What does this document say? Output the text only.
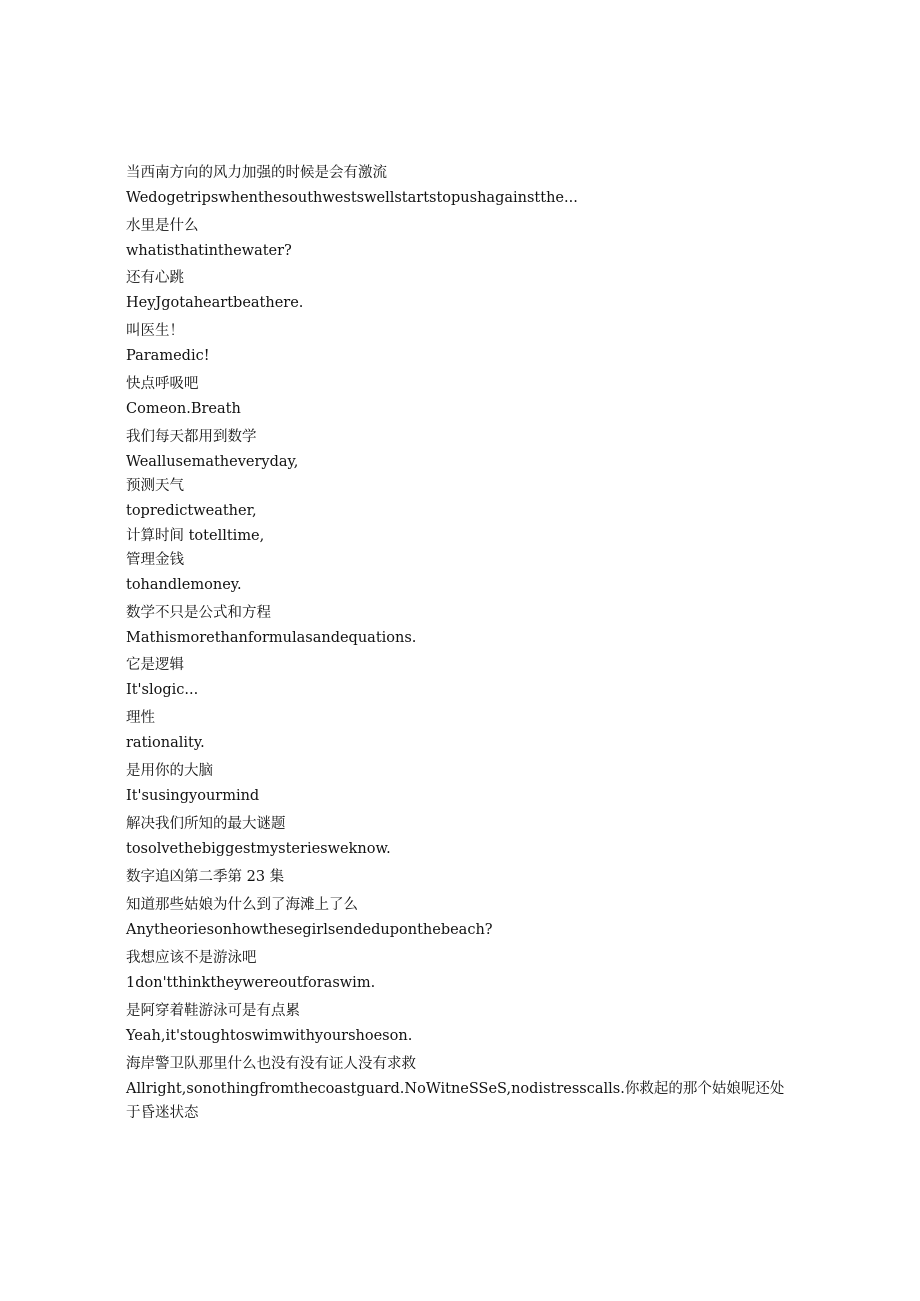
当西南方向的风力加强的时候是会有激流
Wedogetripswhenthesouthwestswellstartstopushagainstthe...
水里是什么
whatisthatinthewater?
还有心跳
HeyJgotaheartbeathere.
叫医生！
Paramedic!
快点呼吸吧
Comeon.Breath
我们每天都用到数学
Weallusematheveryday,
预测天气
topredictweather,
计算时间 totelltime,
管理金钱
tohandlemoney.
数学不只是公式和方程
Mathismorethanformulasandequations.
它是逻辑
It'slogic...
理性
rationality.
是用你的大脑
It'susingyourmind
解决我们所知的最大谜题
tosolvethebiggestmysteriesweknow.
数字追凶第二季第 23 集
知道那些姑娘为什么到了海滩上了么
Anytheoriesonhowthesegirlsendeduponthebeach?
我想应该不是游泳吧
1don'tthinktheywereoutforaswim.
是阿穿着鞋游泳可是有点累
Yeah,it'stoughtoswimwithyourshoeson.
海岸警卫队那里什么也没有没有证人没有求救
Allright,sonothingfromthecoastguard.NoWitneSSeS,nodistresscalls.你救起的那个姑娘呢还处于昏迷状态
